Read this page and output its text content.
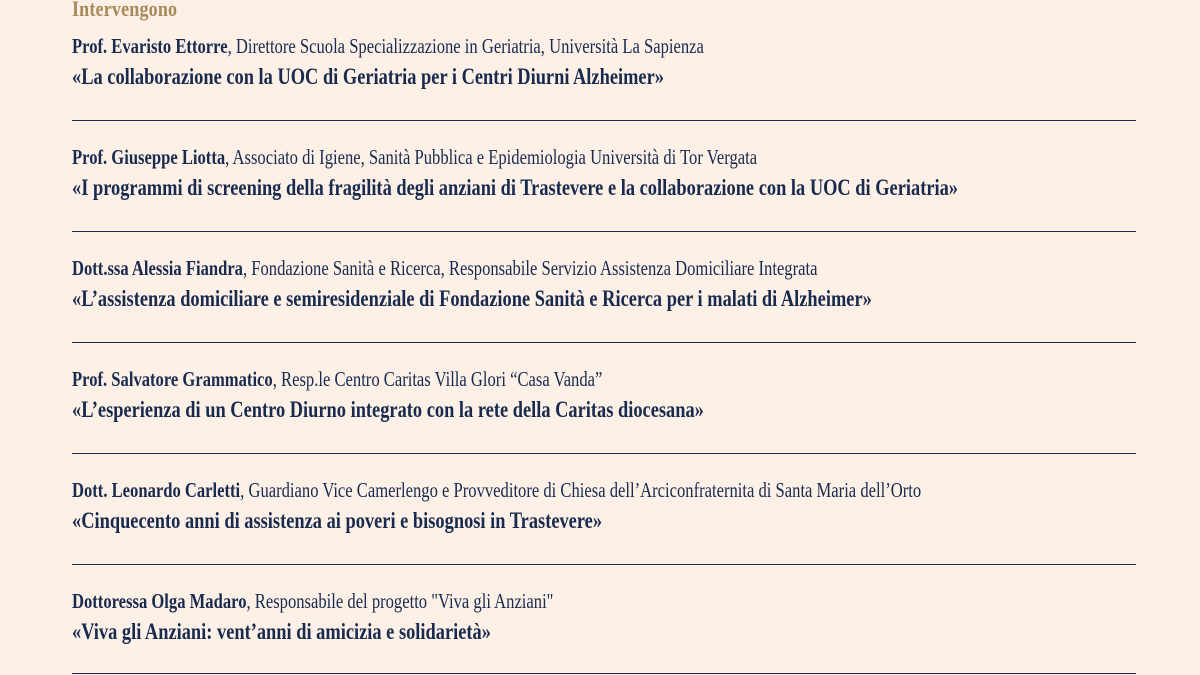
Intervengono
Prof. Evaristo Ettorre, Direttore Scuola Specializzazione in Geriatria, Università La Sapienza
«La collaborazione con la UOC di Geriatria per i Centri Diurni Alzheimer»
Prof. Giuseppe Liotta, Associato di Igiene, Sanità Pubblica e Epidemiologia Università di Tor Vergata
«I programmi di screening della fragilità degli anziani di Trastevere e la collaborazione con la UOC di Geriatria»
Dott.ssa Alessia Fiandra, Fondazione Sanità e Ricerca, Responsabile Servizio Assistenza Domiciliare Integrata
«L’assistenza domiciliare e semiresidenziale di Fondazione Sanità e Ricerca per i malati di Alzheimer»
Prof. Salvatore Grammatico, Resp.le Centro Caritas Villa Glori “Casa Vanda”
«L’esperienza di un Centro Diurno integrato con la rete della Caritas diocesana»
Dott. Leonardo Carletti, Guardiano Vice Camerlengo e Provveditore di Chiesa dell’Arciconfraternita di Santa Maria dell’Orto
«Cinquecento anni di assistenza ai poveri e bisognosi in Trastevere»
Dottoressa Olga Madaro, Responsabile del progetto "Viva gli Anziani"
«Viva gli Anziani: vent’anni di amicizia e solidarietà»
